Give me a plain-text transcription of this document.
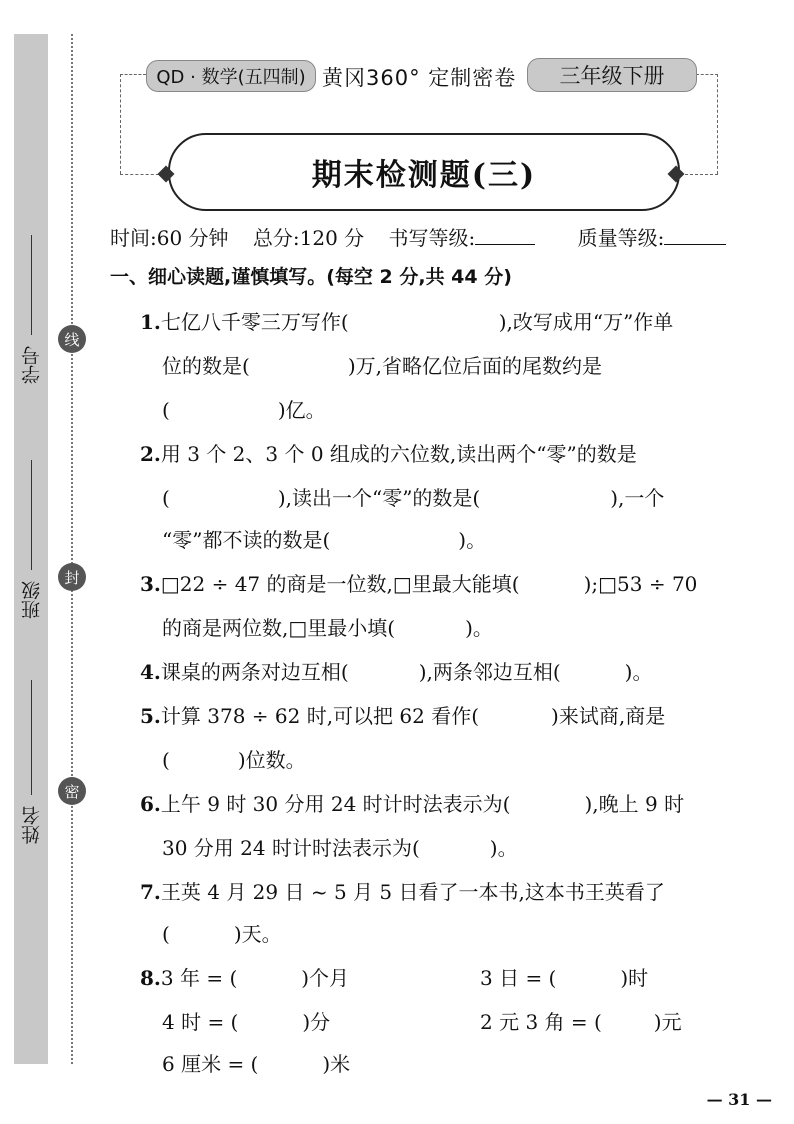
学号
班级
姓名
线
封
密
QD · 数学(五四制) 黄冈360° 定制密卷	三年级下册
期末检测题(三)
时间:60 分钟 总分:120 分 书写等级:	质量等级:
一、细心读题,谨慎填写。(每空 2 分,共 44 分)
1.七亿八千零三万写作(	),改写成用“万”作单
位的数是(	)万,省略亿位后面的尾数约是
(	)亿。
2.用 3 个 2、3 个 0 组成的六位数,读出两个“零”的数是
(	),读出一个“零”的数是(	),一个
“零”都不读的数是(	)。
3.□22 ÷ 47 的商是一位数,□里最大能填(	);□53 ÷ 70
的商是两位数,□里最小填(	)。
4.课桌的两条对边互相(	),两条邻边互相(	)。
5.计算 378 ÷ 62 时,可以把 62 看作(	)来试商,商是
(	)位数。
6.上午 9 时 30 分用 24 时计时法表示为(	),晚上 9 时
30 分用 24 时计时法表示为(	)。
7.王英 4 月 29 日 ~ 5 月 5 日看了一本书,这本书王英看了
(	)天。
8.3 年 = (	)个月	3 日 = (	)时
4 时 = (	)分	2 元 3 角 = (	)元
6 厘米 = (	)米
— 31 —
